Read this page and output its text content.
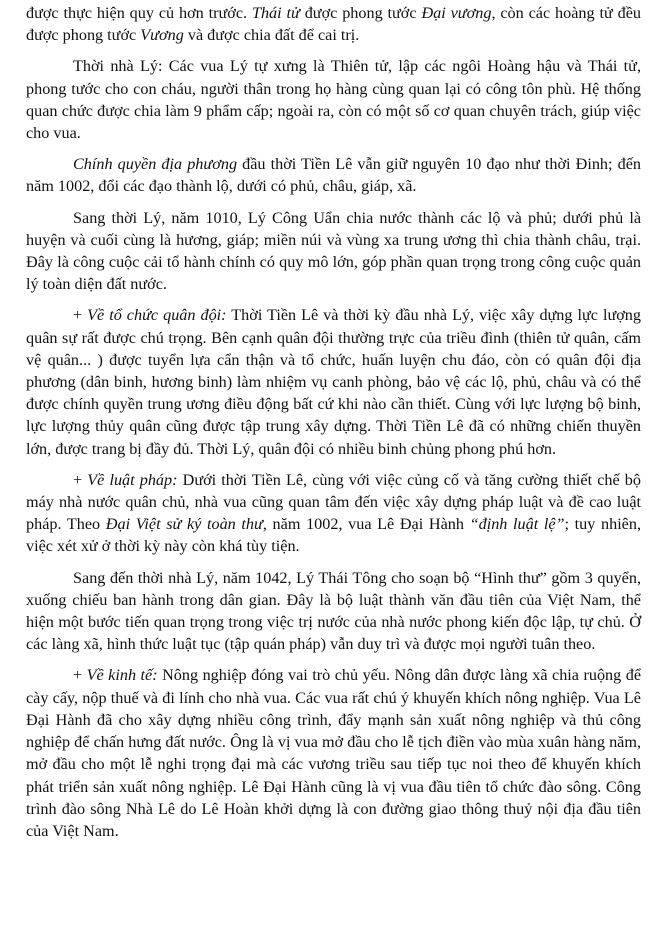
được thực hiện quy củ hơn trước. Thái tử được phong tước Đại vương, còn các hoàng tử đều được phong tước Vương và được chia đất để cai trị.

Thời nhà Lý: Các vua Lý tự xưng là Thiên tử, lập các ngôi Hoàng hậu và Thái tử, phong tước cho con cháu, người thân trong họ hàng cùng quan lại có công tôn phù. Hệ thống quan chức được chia làm 9 phẩm cấp; ngoài ra, còn có một số cơ quan chuyên trách, giúp việc cho vua.

Chính quyền địa phương đầu thời Tiền Lê vẫn giữ nguyên 10 đạo như thời Đinh; đến năm 1002, đổi các đạo thành lộ, dưới có phủ, châu, giáp, xã.

Sang thời Lý, năm 1010, Lý Công Uẩn chia nước thành các lộ và phủ; dưới phủ là huyện và cuối cùng là hương, giáp; miền núi và vùng xa trung ương thì chia thành châu, trại. Đây là công cuộc cải tổ hành chính có quy mô lớn, góp phần quan trọng trong công cuộc quản lý toàn diện đất nước.

+ Về tổ chức quân đội: Thời Tiền Lê và thời kỳ đầu nhà Lý, việc xây dựng lực lượng quân sự rất được chú trọng. Bên cạnh quân đội thường trực của triều đình (thiên tử quân, cấm vệ quân... ) được tuyển lựa cẩn thận và tổ chức, huấn luyện chu đáo, còn có quân đội địa phương (dân binh, hương binh) làm nhiệm vụ canh phòng, bảo vệ các lộ, phủ, châu và có thể được chính quyền trung ương điều động bất cứ khi nào cần thiết. Cùng với lực lượng bộ binh, lực lượng thủy quân cũng được tập trung xây dựng. Thời Tiền Lê đã có những chiến thuyền lớn, được trang bị đầy đủ. Thời Lý, quân đội có nhiều binh chủng phong phú hơn.

+ Về luật pháp: Dưới thời Tiền Lê, cùng với việc củng cố và tăng cường thiết chế bộ máy nhà nước quân chủ, nhà vua cũng quan tâm đến việc xây dựng pháp luật và đề cao luật pháp. Theo Đại Việt sử ký toàn thư, năm 1002, vua Lê Đại Hành “định luật lệ”; tuy nhiên, việc xét xử ở thời kỳ này còn khá tùy tiện.

Sang đến thời nhà Lý, năm 1042, Lý Thái Tông cho soạn bộ “Hình thư” gồm 3 quyển, xuống chiếu ban hành trong dân gian. Đây là bộ luật thành văn đầu tiên của Việt Nam, thể hiện một bước tiến quan trọng trong việc trị nước của nhà nước phong kiến độc lập, tự chủ. Ở các làng xã, hình thức luật tục (tập quán pháp) vẫn duy trì và được mọi người tuân theo.

+ Về kinh tế: Nông nghiệp đóng vai trò chủ yếu. Nông dân được làng xã chia ruộng để cày cấy, nộp thuế và đi lính cho nhà vua. Các vua rất chú ý khuyến khích nông nghiệp. Vua Lê Đại Hành đã cho xây dựng nhiều công trình, đẩy mạnh sản xuất nông nghiệp và thủ công nghiệp để chấn hưng đất nước. Ông là vị vua mở đầu cho lễ tịch điền vào mùa xuân hàng năm, mở đầu cho một lễ nghi trọng đại mà các vương triều sau tiếp tục noi theo để khuyến khích phát triển sản xuất nông nghiệp. Lê Đại Hành cũng là vị vua đầu tiên tổ chức đào sông. Công trình đào sông Nhà Lê do Lê Hoàn khởi dựng là con đường giao thông thuỷ nội địa đầu tiên của Việt Nam.
